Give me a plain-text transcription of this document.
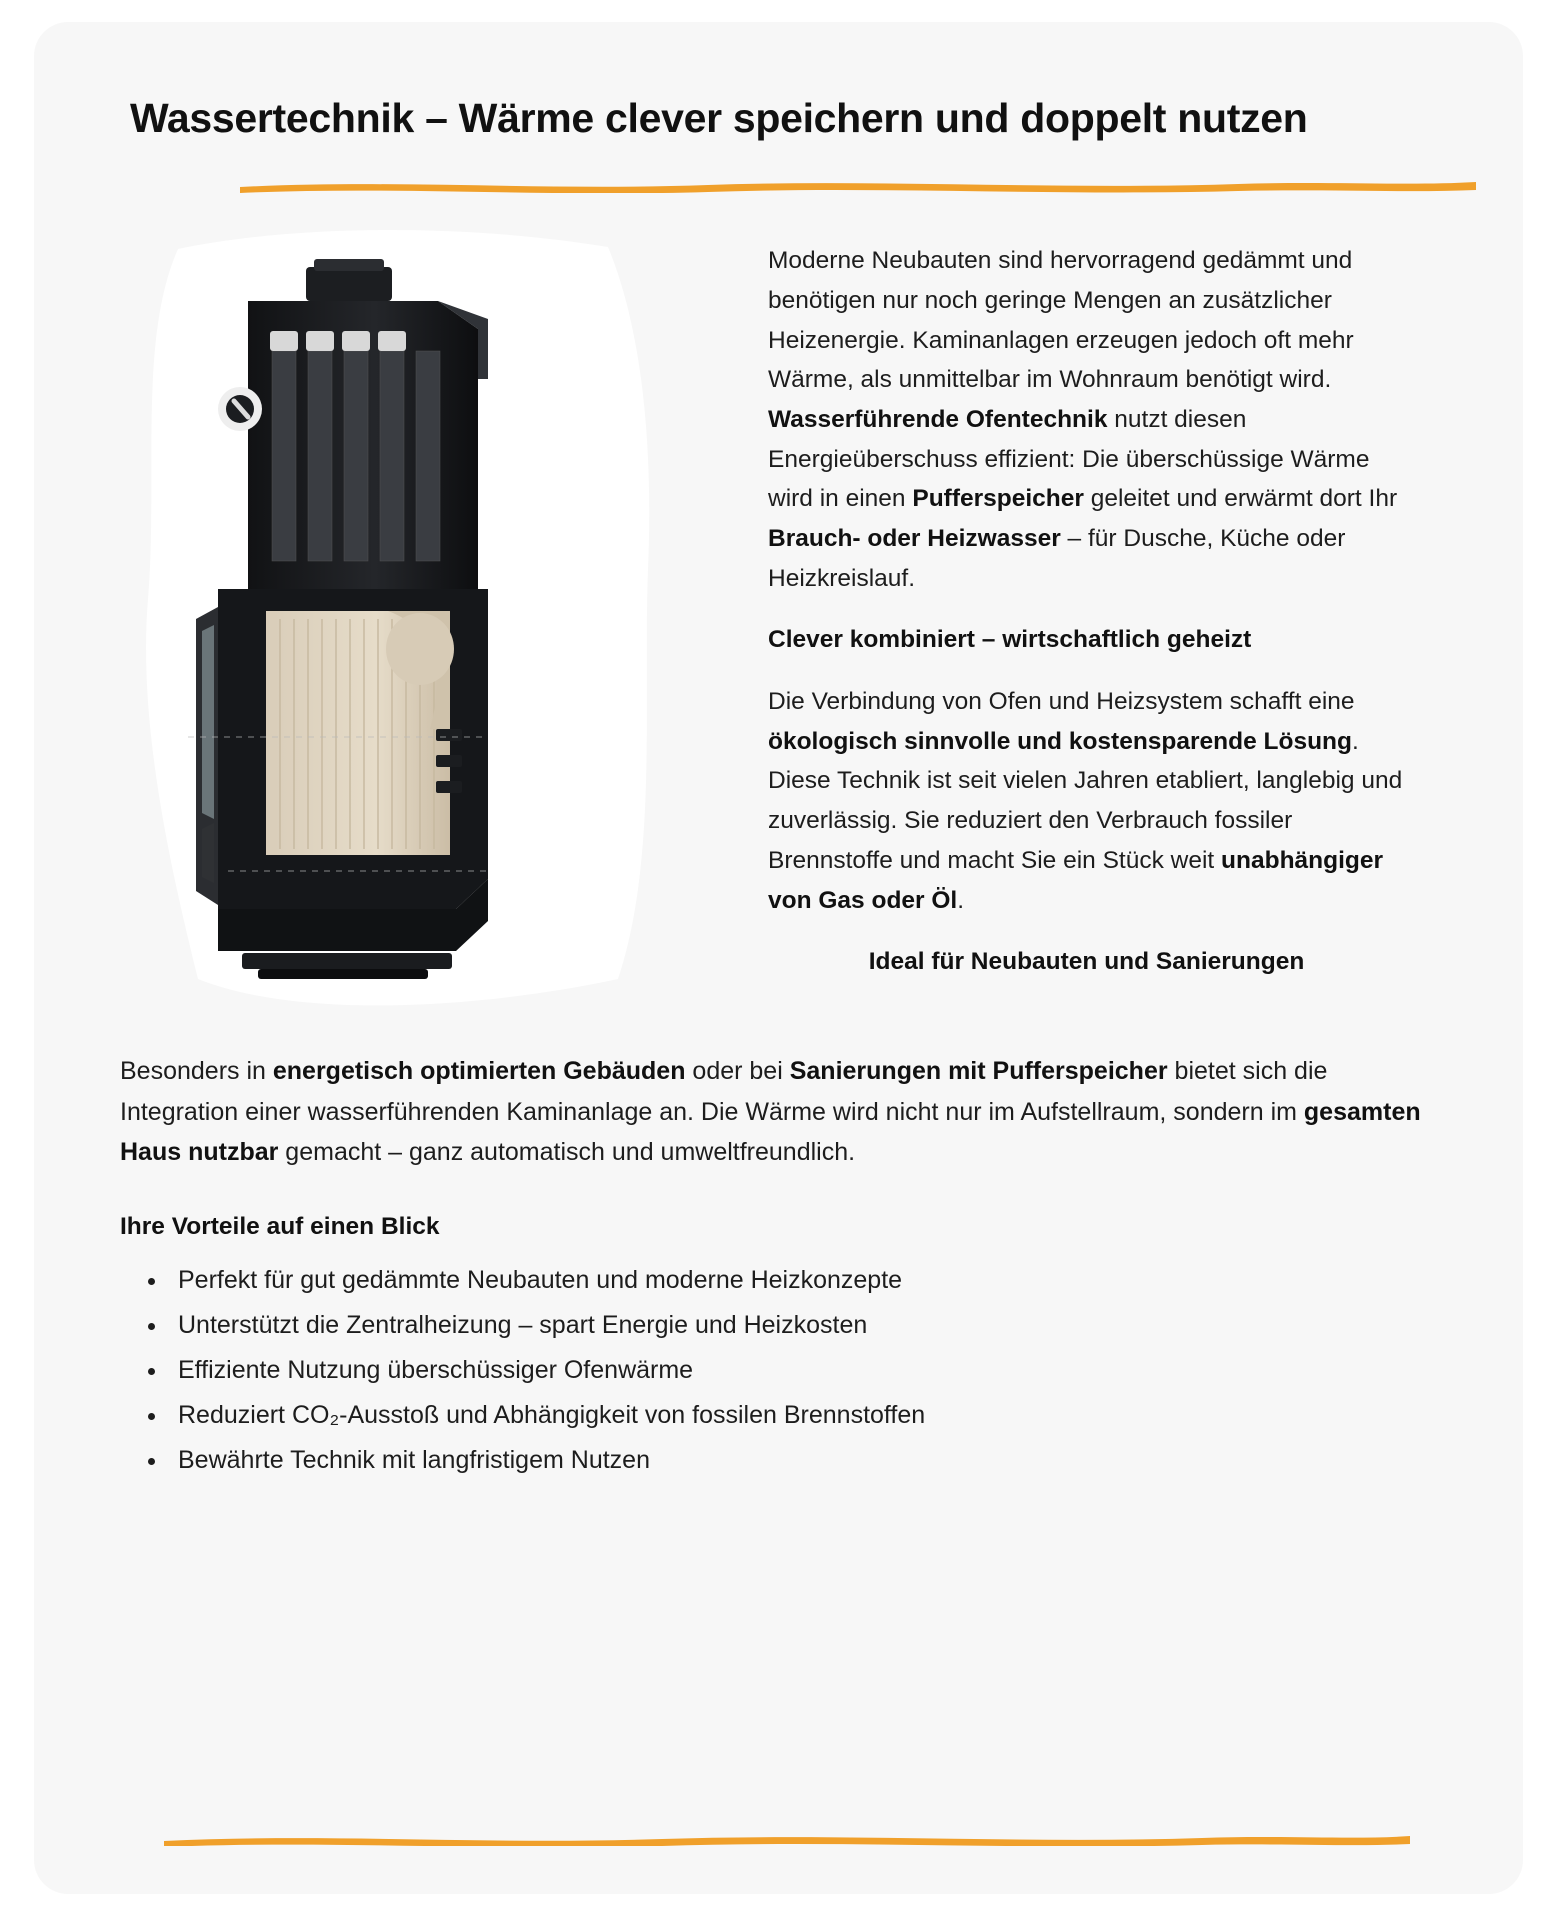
Wassertechnik – Wärme clever speichern und doppelt nutzen

Moderne Neubauten sind hervorragend gedämmt und benötigen nur noch geringe Mengen an zusätzlicher Heizenergie. Kaminanlagen erzeugen jedoch oft mehr Wärme, als unmittelbar im Wohnraum benötigt wird. Wasserführende Ofentechnik nutzt diesen Energieüberschuss effizient: Die überschüssige Wärme wird in einen Pufferspeicher geleitet und erwärmt dort Ihr Brauch- oder Heizwasser – für Dusche, Küche oder Heizkreislauf.

Clever kombiniert – wirtschaftlich geheizt

Die Verbindung von Ofen und Heizsystem schafft eine ökologisch sinnvolle und kostensparende Lösung. Diese Technik ist seit vielen Jahren etabliert, langlebig und zuverlässig. Sie reduziert den Verbrauch fossiler Brennstoffe und macht Sie ein Stück weit unabhängiger von Gas oder Öl.

Ideal für Neubauten und Sanierungen

Besonders in energetisch optimierten Gebäuden oder bei Sanierungen mit Pufferspeicher bietet sich die Integration einer wasserführenden Kaminanlage an. Die Wärme wird nicht nur im Aufstellraum, sondern im gesamten Haus nutzbar gemacht – ganz automatisch und umweltfreundlich.

Ihre Vorteile auf einen Blick
• Perfekt für gut gedämmte Neubauten und moderne Heizkonzepte
• Unterstützt die Zentralheizung – spart Energie und Heizkosten
• Effiziente Nutzung überschüssiger Ofenwärme
• Reduziert CO₂-Ausstoß und Abhängigkeit von fossilen Brennstoffen
• Bewährte Technik mit langfristigem Nutzen
